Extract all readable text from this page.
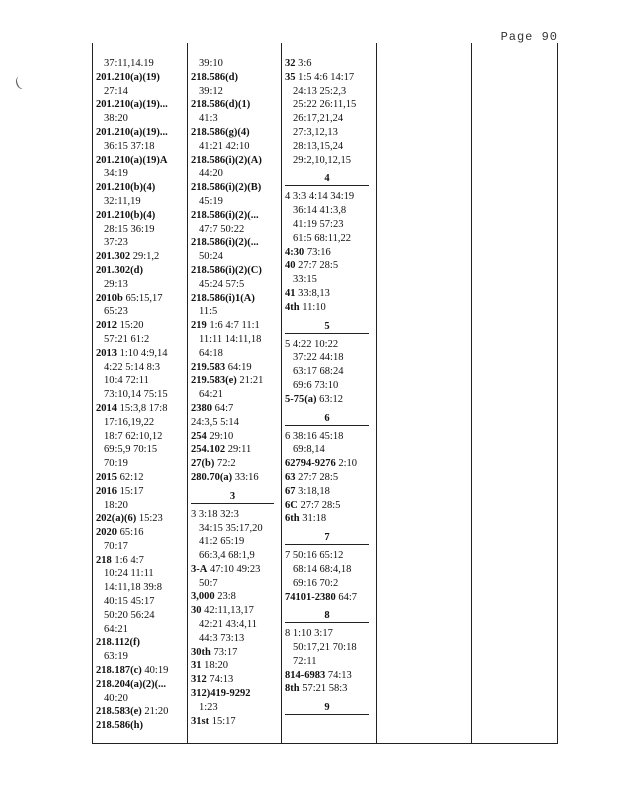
Page 90
(
37:11,14.19
201.210(a)(19)
27:14
201.210(a)(19)...
38:20
201.210(a)(19)...
36:15 37:18
201.210(a)(19)A
34:19
201.210(b)(4)
32:11,19
201.210(b)(4)
28:15 36:19
37:23
201.302 29:1,2
201.302(d)
29:13
2010b 65:15,17
65:23
2012 15:20
57:21 61:2
2013 1:10 4:9,14
4:22 5:14 8:3
10:4 72:11
73:10,14 75:15
2014 15:3,8 17:8
17:16,19,22
18:7 62:10,12
69:5,9 70:15
70:19
2015 62:12
2016 15:17
18:20
202(a)(6) 15:23
2020 65:16
70:17
218 1:6 4:7
10:24 11:11
14:11,18 39:8
40:15 45:17
50:20 56:24
64:21
218.112(f)
63:19
218.187(c) 40:19
218.204(a)(2)(...
40:20
218.583(e) 21:20
218.586(h)
39:10
218.586(d)
39:12
218.586(d)(1)
41:3
218.586(g)(4)
41:21 42:10
218.586(i)(2)(A)
44:20
218.586(i)(2)(B)
45:19
218.586(i)(2)(...
47:7 50:22
218.586(i)(2)(...
50:24
218.586(i)(2)(C)
45:24 57:5
218.586(i)1(A)
11:5
219 1:6 4:7 11:1
11:11 14:11,18
64:18
219.583 64:19
219.583(e) 21:21
64:21
2380 64:7
24:3,5 5:14
254 29:10
254.102 29:11
27(b) 72:2
280.70(a) 33:16
3
3 3:18 32:3
34:15 35:17,20
41:2 65:19
66:3,4 68:1,9
3-A 47:10 49:23
50:7
3,000 23:8
30 42:11,13,17
42:21 43:4,11
44:3 73:13
30th 73:17
31 18:20
312 74:13
312)419-9292
1:23
31st 15:17
32 3:6
35 1:5 4:6 14:17
24:13 25:2,3
25:22 26:11,15
26:17,21,24
27:3,12,13
28:13,15,24
29:2,10,12,15
4
4 3:3 4:14 34:19
36:14 41:3,8
41:19 57:23
61:5 68:11,22
4:30 73:16
40 27:7 28:5
33:15
41 33:8,13
4th 11:10
5
5 4:22 10:22
37:22 44:18
63:17 68:24
69:6 73:10
5-75(a) 63:12
6
6 38:16 45:18
69:8,14
62794-9276 2:10
63 27:7 28:5
67 3:18,18
6C 27:7 28:5
6th 31:18
7
7 50:16 65:12
68:14 68:4,18
69:16 70:2
74101-2380 64:7
8
8 1:10 3:17
50:17,21 70:18
72:11
814-6983 74:13
8th 57:21 58:3
9
